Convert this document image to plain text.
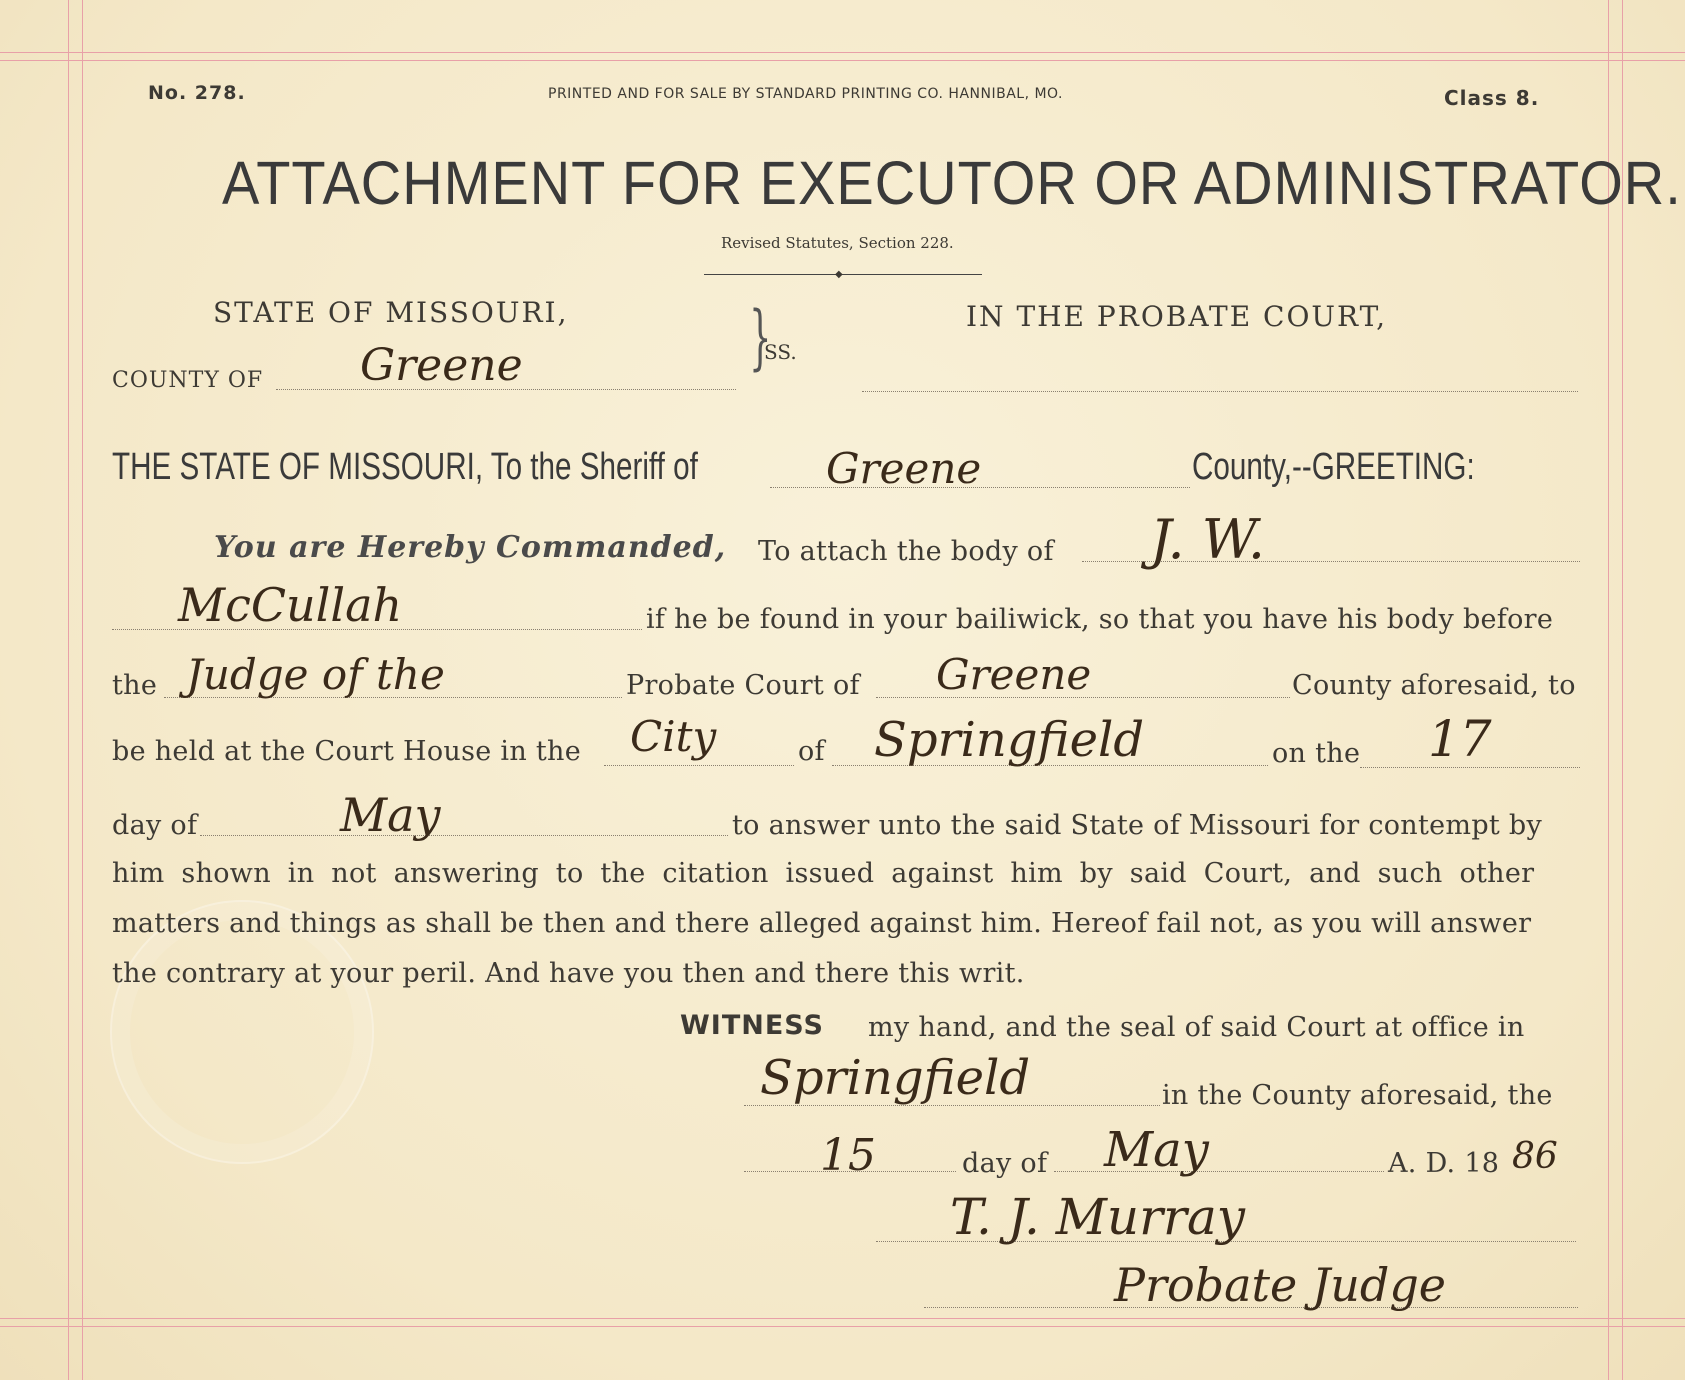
No. 278.	PRINTED AND FOR SALE BY STANDARD PRINTING CO. HANNIBAL, MO.	Class 8.
ATTACHMENT FOR EXECUTOR OR ADMINISTRATOR.
Revised Statutes, Section 228.
◆
STATE OF MISSOURI,
COUNTY OF Greene	}
SS.
IN THE PROBATE COURT,
THE STATE OF MISSOURI, To the Sheriff of	Greene	County,--GREETING:
You are Hereby Commanded, To attach the body of J. W.
McCullah	if he be found in your bailiwick, so that you have his body before
the Judge of the	Probate Court of Greene	County aforesaid, to
be held at the Court House in the City	of Springfield	on the 17
day of	May	to answer unto the said State of Missouri for contempt by
him shown in not answering to the citation issued against him by said Court, and such other
matters and things as shall be then and there alleged against him. Hereof fail not, as you will answer
the contrary at your peril. And have you then and there this writ.
WITNESS my hand, and the seal of said Court at office in
Springfield	in the County aforesaid, the
15	day of May	A. D. 18 86
T. J. Murray
Probate Judge
